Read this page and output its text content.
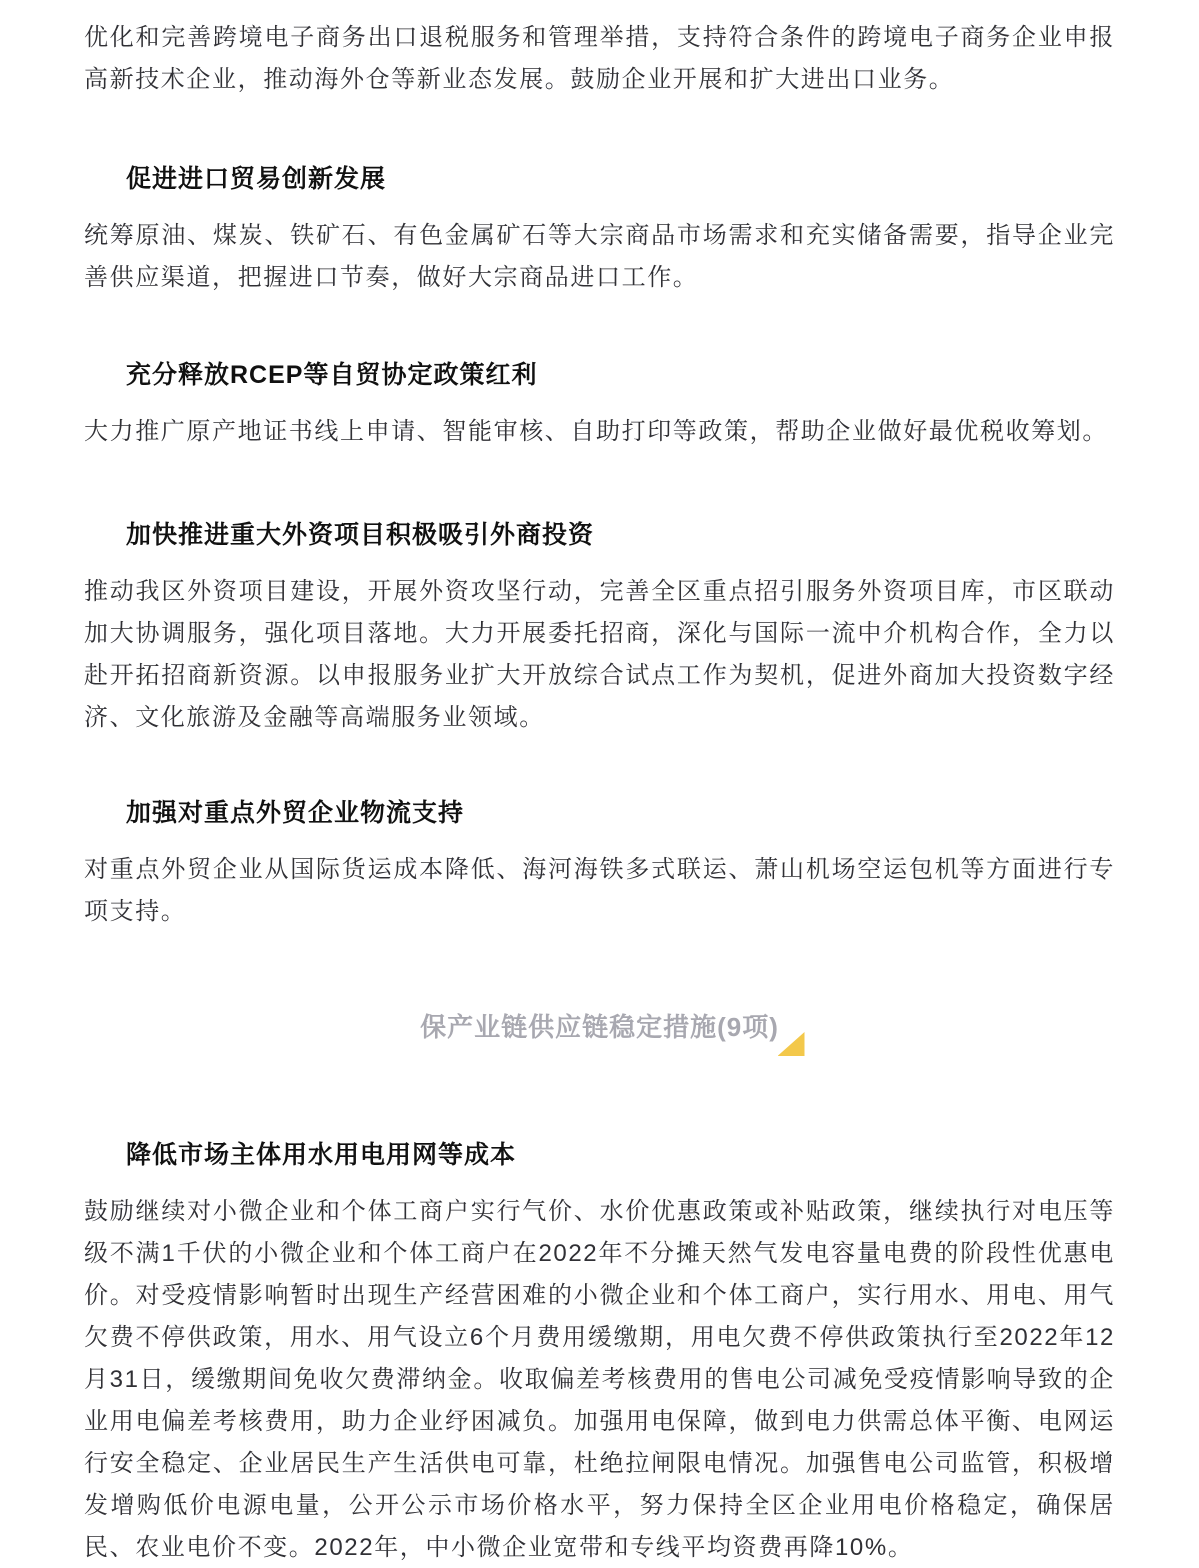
优化和完善跨境电子商务出口退税服务和管理举措，支持符合条件的跨境电子商务企业申报高新技术企业，推动海外仓等新业态发展。鼓励企业开展和扩大进出口业务。

促进进口贸易创新发展

统筹原油、煤炭、铁矿石、有色金属矿石等大宗商品市场需求和充实储备需要，指导企业完善供应渠道，把握进口节奏，做好大宗商品进口工作。

充分释放RCEP等自贸协定政策红利

大力推广原产地证书线上申请、智能审核、自助打印等政策，帮助企业做好最优税收筹划。

加快推进重大外资项目积极吸引外商投资

推动我区外资项目建设，开展外资攻坚行动，完善全区重点招引服务外资项目库，市区联动加大协调服务，强化项目落地。大力开展委托招商，深化与国际一流中介机构合作，全力以赴开拓招商新资源。以申报服务业扩大开放综合试点工作为契机，促进外商加大投资数字经济、文化旅游及金融等高端服务业领域。

加强对重点外贸企业物流支持

对重点外贸企业从国际货运成本降低、海河海铁多式联运、萧山机场空运包机等方面进行专项支持。

保产业链供应链稳定措施(9项)
降低市场主体用水用电用网等成本

鼓励继续对小微企业和个体工商户实行气价、水价优惠政策或补贴政策，继续执行对电压等级不满1千伏的小微企业和个体工商户在2022年不分摊天然气发电容量电费的阶段性优惠电价。对受疫情影响暂时出现生产经营困难的小微企业和个体工商户，实行用水、用电、用气欠费不停供政策，用水、用气设立6个月费用缓缴期，用电欠费不停供政策执行至2022年12月31日，缓缴期间免收欠费滞纳金。收取偏差考核费用的售电公司减免受疫情影响导致的企业用电偏差考核费用，助力企业纾困减负。加强用电保障，做到电力供需总体平衡、电网运行安全稳定、企业居民生产生活供电可靠，杜绝拉闸限电情况。加强售电公司监管，积极增发增购低价电源电量，公开公示市场价格水平，努力保持全区企业用电价格稳定，确保居民、农业电价不变。2022年，中小微企业宽带和专线平均资费再降10%。
